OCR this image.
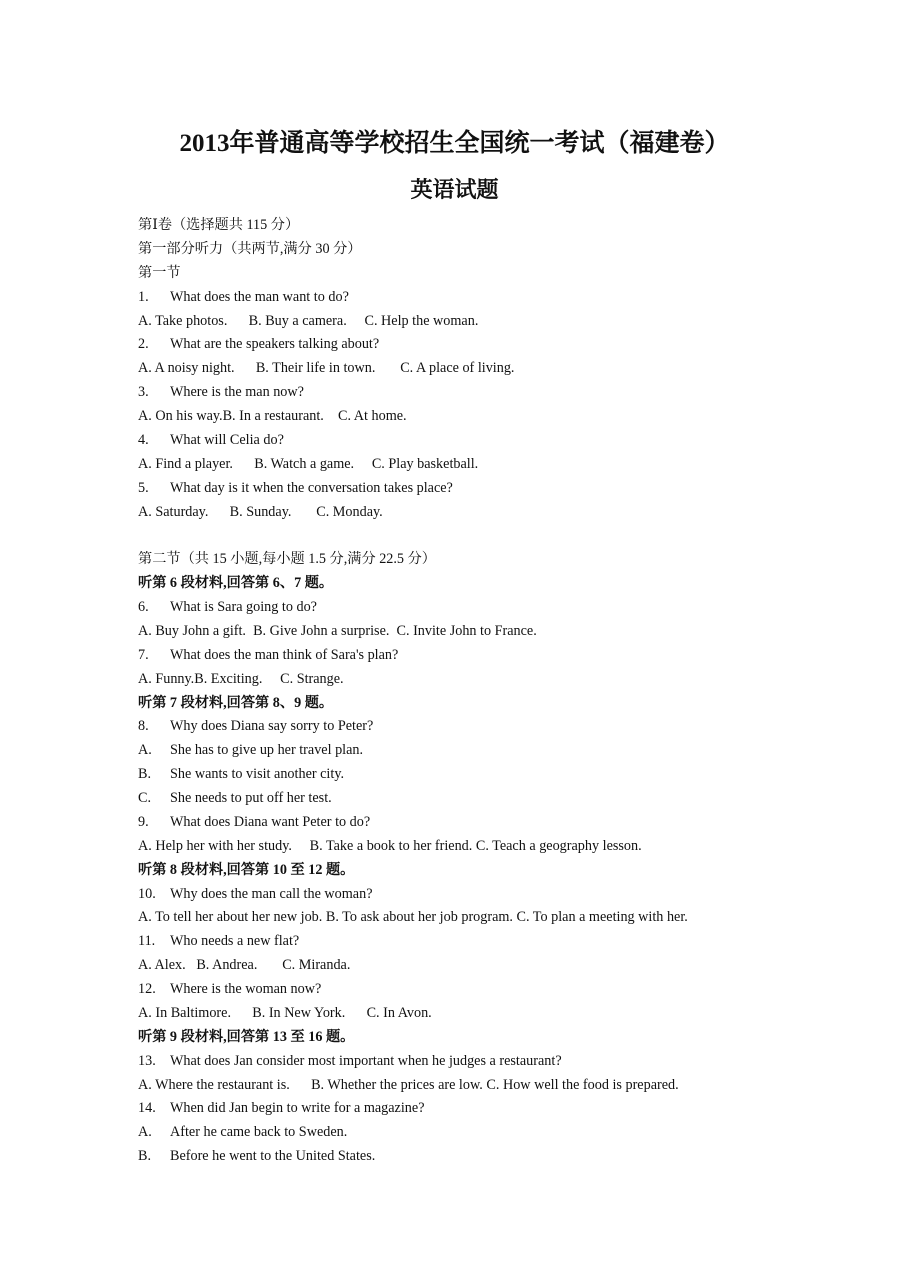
2013年普通高等学校招生全国统一考试（福建卷）
英语试题
第Ⅰ卷（选择题共 115 分）
第一部分听力（共两节,满分 30 分）
第一节
1. What does the man want to do?
A. Take photos.      B. Buy a camera.     C. Help the woman.
2. What are the speakers talking about?
A. A noisy night.      B. Their life in town.       C. A place of living.
3. Where is the man now?
A. On his way.B. In a restaurant.    C. At home.
4. What will Celia do?
A. Find a player.      B. Watch a game.     C. Play basketball.
5. What day is it when the conversation takes place?
A. Saturday.      B. Sunday.       C. Monday.
第二节（共 15 小题,每小题 1.5 分,满分 22.5 分）
听第 6 段材料,回答第 6、7 题。
6. What is Sara going to do?
A. Buy John a gift.  B. Give John a surprise.  C. Invite John to France.
7. What does the man think of Sara's plan?
A. Funny.B. Exciting.     C. Strange.
听第 7 段材料,回答第 8、9 题。
8. Why does Diana say sorry to Peter?
A. She has to give up her travel plan.
B. She wants to visit another city.
C. She needs to put off her test.
9. What does Diana want Peter to do?
A. Help her with her study.     B. Take a book to her friend. C. Teach a geography lesson.
听第 8 段材料,回答第 10 至 12 题。
10. Why does the man call the woman?
A. To tell her about her new job. B. To ask about her job program. C. To plan a meeting with her.
11. Who needs a new flat?
A. Alex.   B. Andrea.       C. Miranda.
12. Where is the woman now?
A. In Baltimore.      B. In New York.      C. In Avon.
听第 9 段材料,回答第 13 至 16 题。
13. What does Jan consider most important when he judges a restaurant?
A. Where the restaurant is.      B. Whether the prices are low. C. How well the food is prepared.
14. When did Jan begin to write for a magazine?
A. After he came back to Sweden.
B. Before he went to the United States.
